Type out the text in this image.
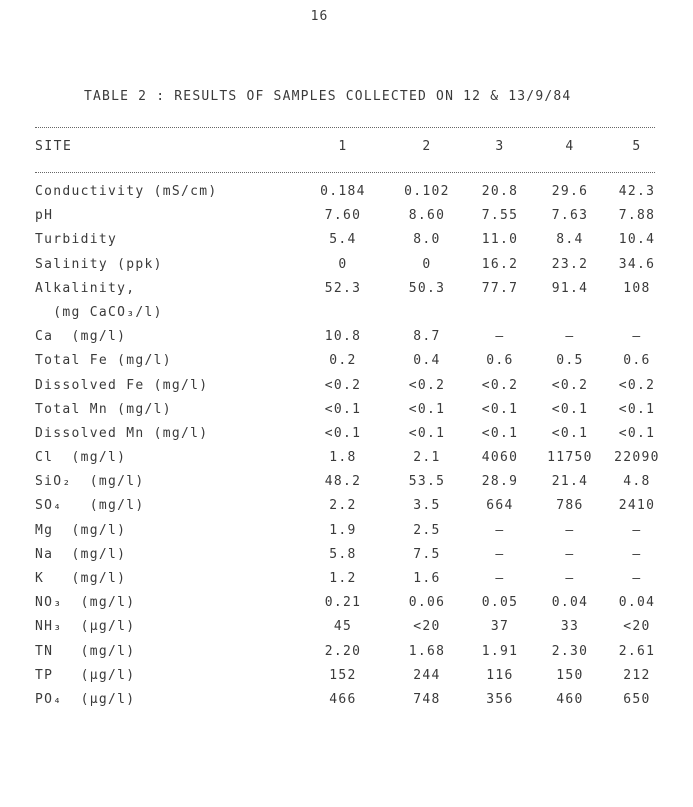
16
TABLE 2 : RESULTS OF SAMPLES COLLECTED ON 12 & 13/9/84
SITE	1	2	3	4	5
Conductivity (mS/cm)	0.184	0.102	20.8	29.6	42.3
pH	7.60	8.60	7.55	7.63	7.88
Turbidity	5.4	8.0	11.0	8.4	10.4
Salinity (ppk)	0	0	16.2	23.2	34.6
Alkalinity,	52.3	50.3	77.7	91.4	108
(mg CaCO₃/l)
Ca  (mg/l)	10.8	8.7	–	–	–
Total Fe (mg/l)	0.2	0.4	0.6	0.5	0.6
Dissolved Fe (mg/l)	<0.2	<0.2	<0.2	<0.2	<0.2
Total Mn (mg/l)	<0.1	<0.1	<0.1	<0.1	<0.1
Dissolved Mn (mg/l)	<0.1	<0.1	<0.1	<0.1	<0.1
Cl  (mg/l)	1.8	2.1	4060	11750	22090
SiO₂  (mg/l)	48.2	53.5	28.9	21.4	4.8
SO₄   (mg/l)	2.2	3.5	664	786	2410
Mg  (mg/l)	1.9	2.5	–	–	–
Na  (mg/l)	5.8	7.5	–	–	–
K   (mg/l)	1.2	1.6	–	–	–
NO₃  (mg/l)	0.21	0.06	0.05	0.04	0.04
NH₃  (µg/l)	45	<20	37	33	<20
TN   (mg/l)	2.20	1.68	1.91	2.30	2.61
TP   (µg/l)	152	244	116	150	212
PO₄  (µg/l)	466	748	356	460	650
